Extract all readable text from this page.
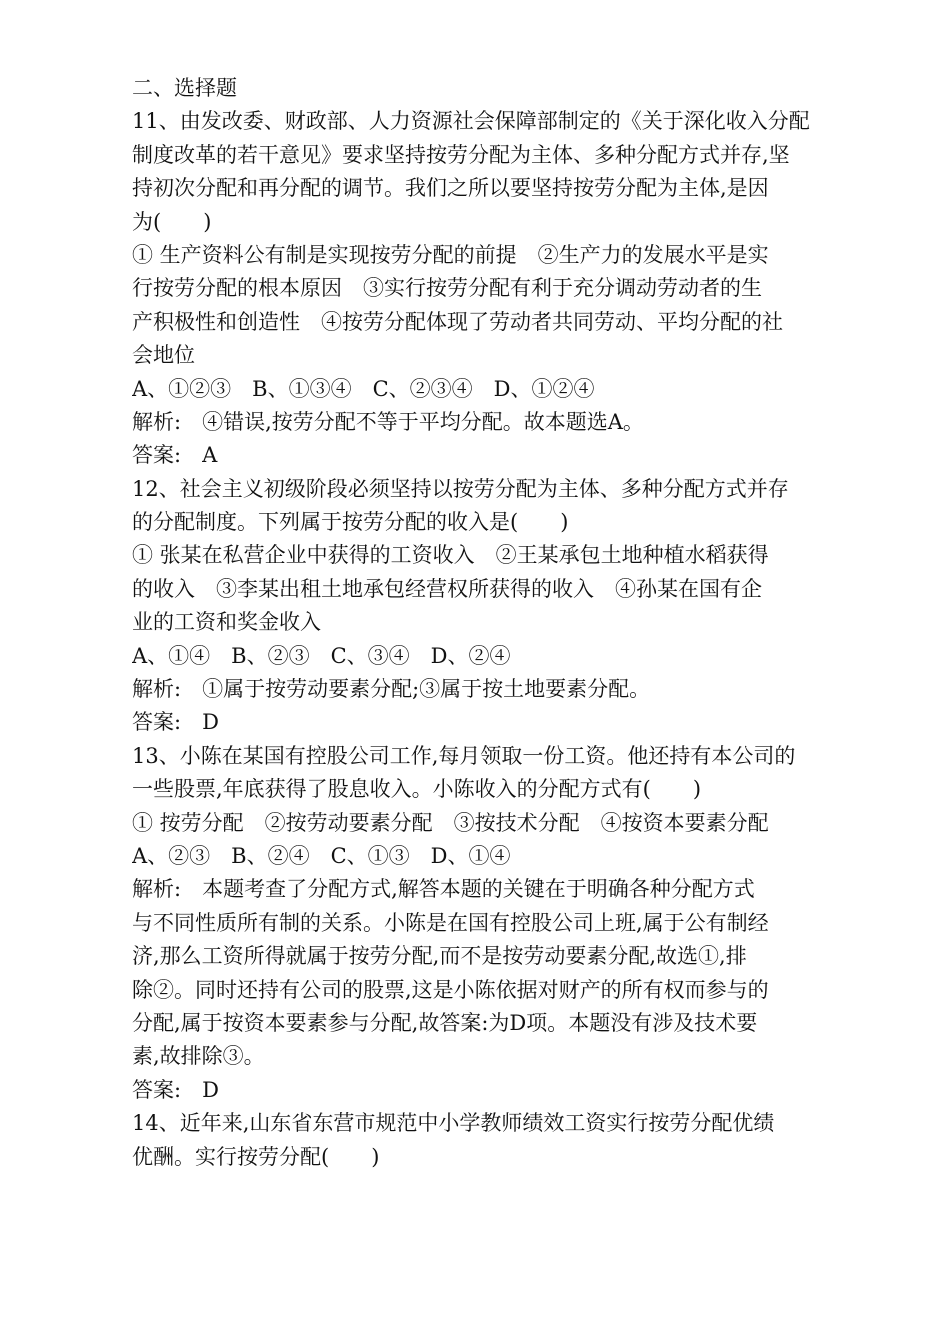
二、选择题
11、由发改委、财政部、人力资源社会保障部制定的《关于深化收入分配
制度改革的若干意见》要求坚持按劳分配为主体、多种分配方式并存,坚
持初次分配和再分配的调节。我们之所以要坚持按劳分配为主体,是因
为(　　)
① 生产资料公有制是实现按劳分配的前提　②生产力的发展水平是实
行按劳分配的根本原因　③实行按劳分配有利于充分调动劳动者的生
产积极性和创造性　④按劳分配体现了劳动者共同劳动、平均分配的社
会地位
A、①②③　B、①③④　C、②③④　D、①②④
解析:　④错误,按劳分配不等于平均分配。故本题选A。
答案:　A
12、社会主义初级阶段必须坚持以按劳分配为主体、多种分配方式并存
的分配制度。下列属于按劳分配的收入是(　　)
① 张某在私营企业中获得的工资收入　②王某承包土地种植水稻获得
的收入　③李某出租土地承包经营权所获得的收入　④孙某在国有企
业的工资和奖金收入
A、①④　B、②③　C、③④　D、②④
解析:　①属于按劳动要素分配;③属于按土地要素分配。
答案:　D
13、小陈在某国有控股公司工作,每月领取一份工资。他还持有本公司的
一些股票,年底获得了股息收入。小陈收入的分配方式有(　　)
① 按劳分配　②按劳动要素分配　③按技术分配　④按资本要素分配
A、②③　B、②④　C、①③　D、①④
解析:　本题考查了分配方式,解答本题的关键在于明确各种分配方式
与不同性质所有制的关系。小陈是在国有控股公司上班,属于公有制经
济,那么工资所得就属于按劳分配,而不是按劳动要素分配,故选①,排
除②。同时还持有公司的股票,这是小陈依据对财产的所有权而参与的
分配,属于按资本要素参与分配,故答案:为D项。本题没有涉及技术要
素,故排除③。
答案:　D
14、近年来,山东省东营市规范中小学教师绩效工资实行按劳分配优绩
优酬。实行按劳分配(　　)
